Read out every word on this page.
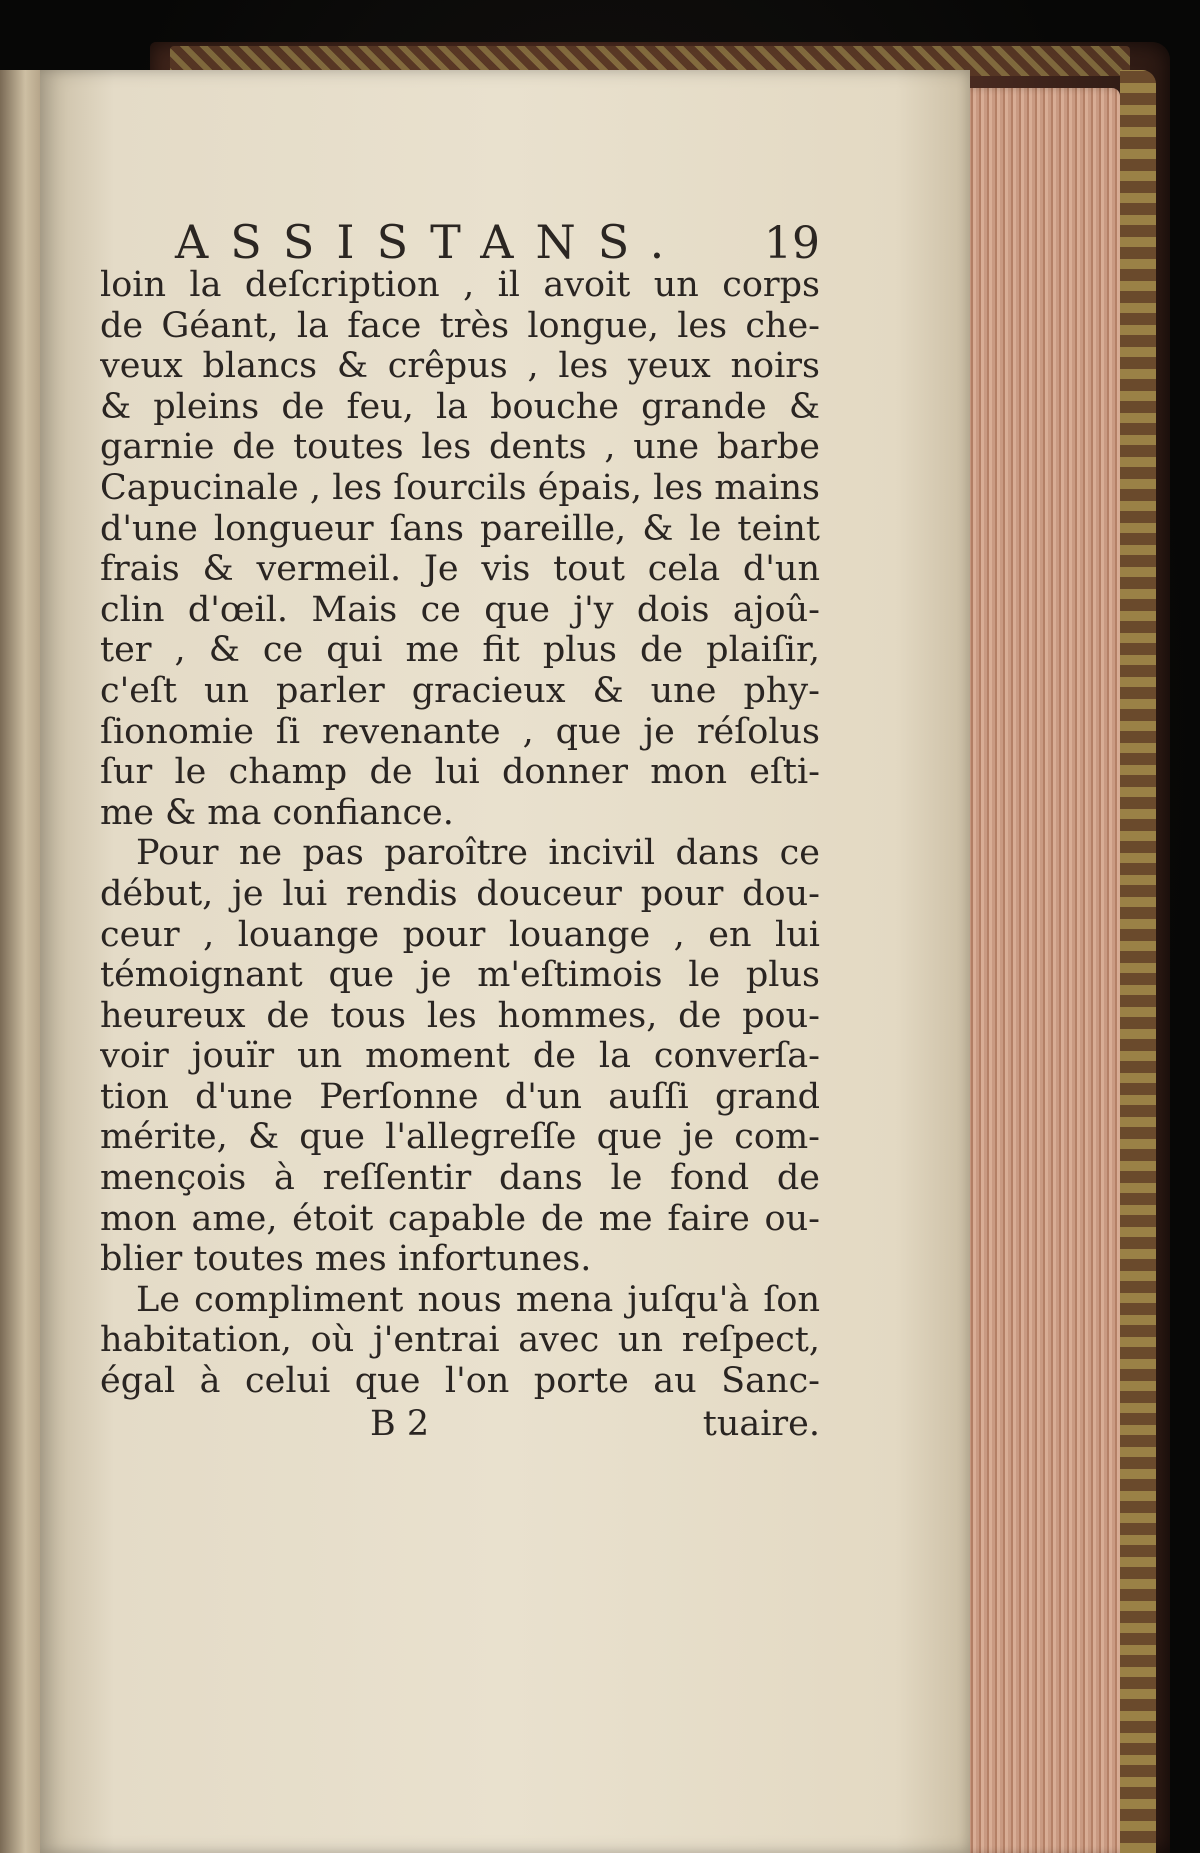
ASSISTANS. 19
loin la deſcription , il avoit un corps
de Géant, la face très longue, les che-
veux blancs & crêpus , les yeux noirs
& pleins de feu, la bouche grande &
garnie de toutes les dents , une barbe
Capucinale , les ſourcils épais, les mains
d'une longueur ſans pareille, & le teint
frais & vermeil. Je vis tout cela d'un
clin d'œil. Mais ce que j'y dois ajoû-
ter , & ce qui me fit plus de plaiſir,
c'eſt un parler gracieux & une phy-
ſionomie ſi revenante , que je réſolus
ſur le champ de lui donner mon eſti-
me & ma confiance.
Pour ne pas paroître incivil dans ce
début, je lui rendis douceur pour dou-
ceur , louange pour louange , en lui
témoignant que je m'eſtimois le plus
heureux de tous les hommes, de pou-
voir jouïr un moment de la converſa-
tion d'une Perſonne d'un auſſi grand
mérite, & que l'allegreſſe que je com-
mençois à reſſentir dans le fond de
mon ame, étoit capable de me faire ou-
blier toutes mes infortunes.
Le compliment nous mena juſqu'à ſon
habitation, où j'entrai avec un reſpect,
égal à celui que l'on porte au Sanc-
B 2	tuaire.
